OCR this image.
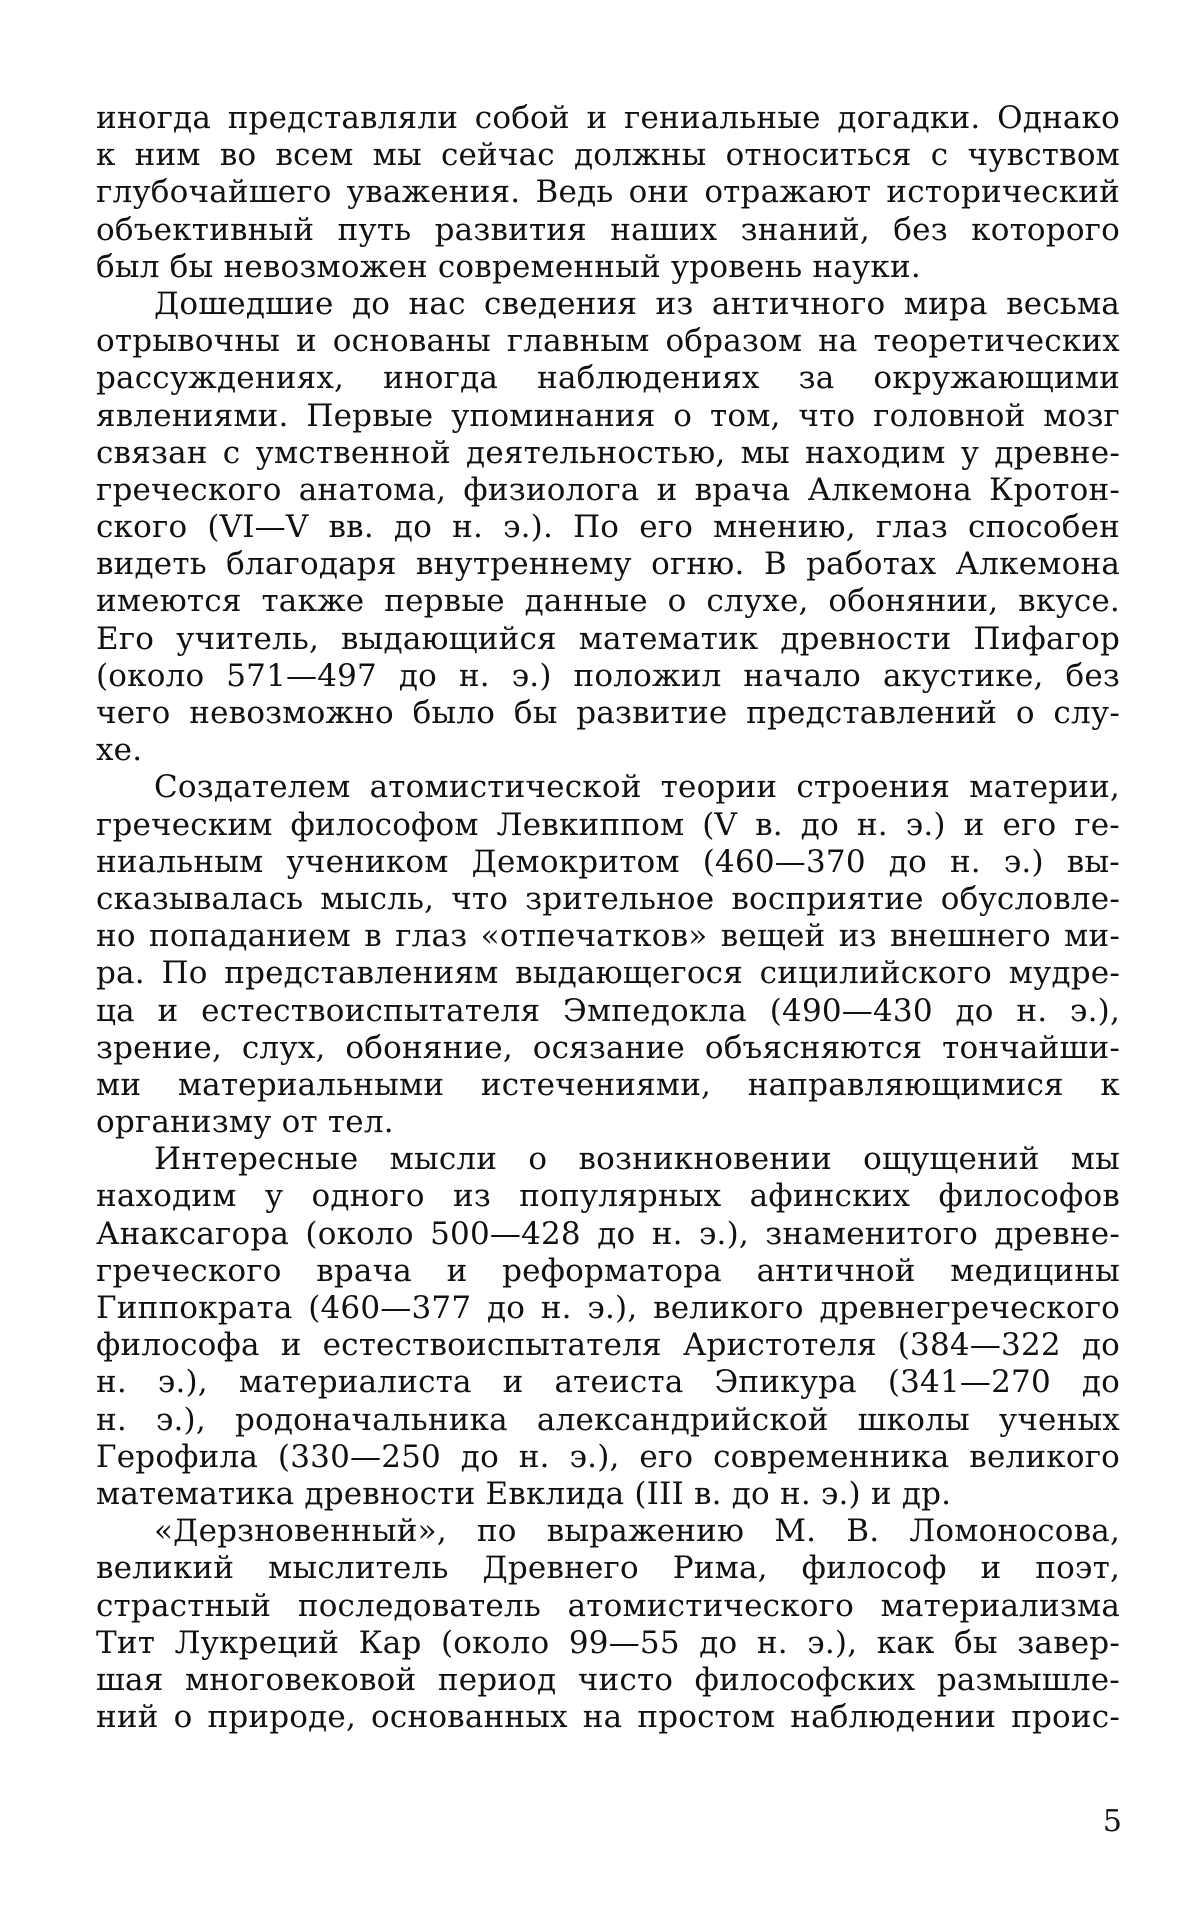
иногда представляли собой и гениальные догадки. Однако
к ним во всем мы сейчас должны относиться с чувством
глубочайшего уважения. Ведь они отражают исторический
объективный путь развития наших знаний, без которого
был бы невозможен современный уровень науки.
Дошедшие до нас сведения из античного мира весьма
отрывочны и основаны главным образом на теоретических
рассуждениях, иногда наблюдениях за окружающими
явлениями. Первые упоминания о том, что головной мозг
связан с умственной деятельностью, мы находим у древне-
греческого анатома, физиолога и врача Алкемона Кротон-
ского (VI—V вв. до н. э.). По его мнению, глаз способен
видеть благодаря внутреннему огню. В работах Алкемона
имеются также первые данные о слухе, обонянии, вкусе.
Его учитель, выдающийся математик древности Пифагор
(около 571—497 до н. э.) положил начало акустике, без
чего невозможно было бы развитие представлений о слу-
хе.
Создателем атомистической теории строения материи,
греческим философом Левкиппом (V в. до н. э.) и его ге-
ниальным учеником Демокритом (460—370 до н. э.) вы-
сказывалась мысль, что зрительное восприятие обусловле-
но попаданием в глаз «отпечатков» вещей из внешнего ми-
ра. По представлениям выдающегося сицилийского мудре-
ца и естествоиспытателя Эмпедокла (490—430 до н. э.),
зрение, слух, обоняние, осязание объясняются тончайши-
ми материальными истечениями, направляющимися к
организму от тел.
Интересные мысли о возникновении ощущений мы
находим у одного из популярных афинских философов
Анаксагора (около 500—428 до н. э.), знаменитого древне-
греческого врача и реформатора античной медицины
Гиппократа (460—377 до н. э.), великого древнегреческого
философа и естествоиспытателя Аристотеля (384—322 до
н. э.), материалиста и атеиста Эпикура (341—270 до
н. э.), родоначальника александрийской школы ученых
Герофила (330—250 до н. э.), его современника великого
математика древности Евклида (III в. до н. э.) и др.
«Дерзновенный», по выражению М. В. Ломоносова,
великий мыслитель Древнего Рима, философ и поэт,
страстный последователь атомистического материализма
Тит Лукреций Кар (около 99—55 до н. э.), как бы завер-
шая многовековой период чисто философских размышле-
ний о природе, основанных на простом наблюдении проис-
5
